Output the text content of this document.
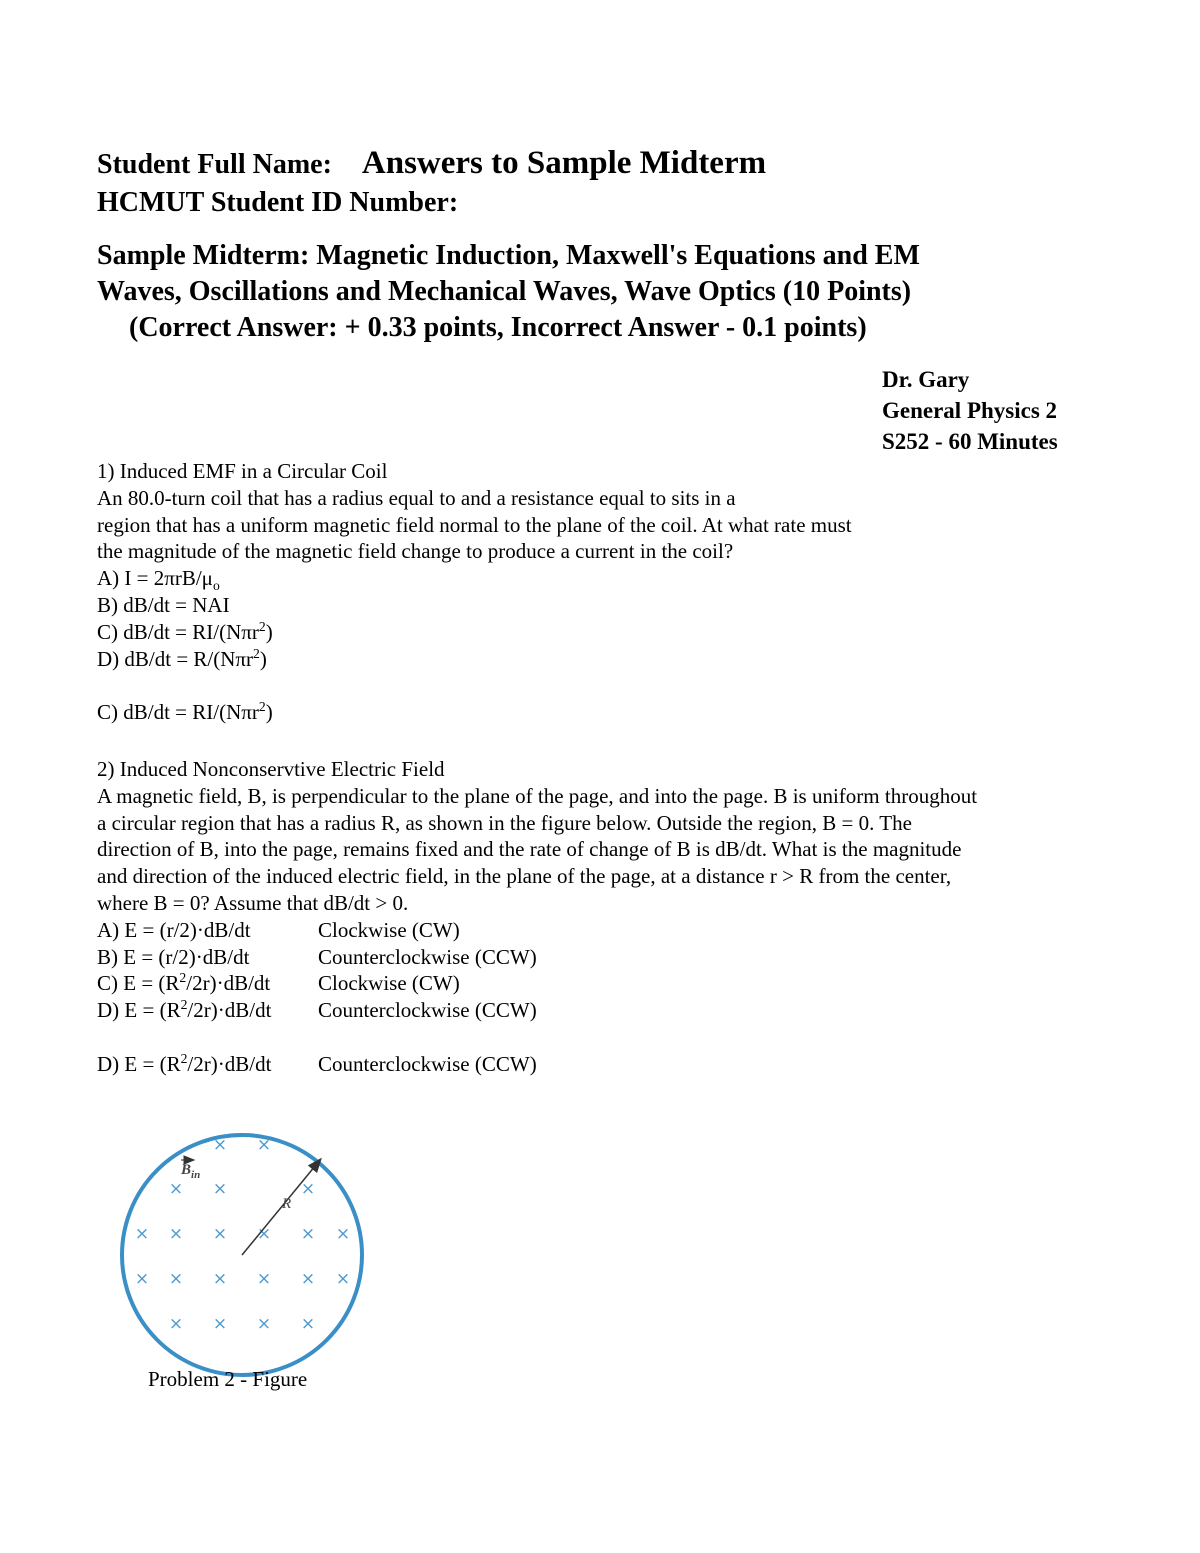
Student Full Name: Answers to Sample Midterm
HCMUT Student ID Number:
Sample Midterm: Magnetic Induction, Maxwell's Equations and EM
Waves, Oscillations and Mechanical Waves, Wave Optics (10 Points)
(Correct Answer: + 0.33 points, Incorrect Answer - 0.1 points)
Dr. Gary
General Physics 2
S252 - 60 Minutes
1) Induced EMF in a Circular Coil
An 80.0-turn coil that has a radius equal to and a resistance equal to sits in a
region that has a uniform magnetic field normal to the plane of the coil. At what rate must
the magnitude of the magnetic field change to produce a current in the coil?
A) $I = 2\pi rB/\mu_o$
B) dB/dt = NAI
C) dB/dt = RI/(Nπr$^2$)
D) dB/dt = R/(Nπr$^2$)
C) dB/dt = RI/(Nπr$^2$)
2) Induced Nonconservtive Electric Field
A magnetic field, B, is perpendicular to the plane of the page, and into the page. B is uniform throughout
a circular region that has a radius R, as shown in the figure below. Outside the region, B = 0. The
direction of B, into the page, remains fixed and the rate of change of B is dB/dt. What is the magnitude
and direction of the induced electric field, in the plane of the page, at a distance r > R from the center,
where B = 0? Assume that dB/dt > 0.
A) E = (r/2)·dB/dt	Clockwise (CW)
B) E = (r/2)·dB/dt	Counterclockwise (CCW)
C) $E = (R^2/2r)\cdot dB/dt$	Clockwise (CW)
D) $E = (R^2/2r)\cdot dB/dt$	Counterclockwise (CCW)
D) $E = (R^2/2r)\cdot dB/dt$	Counterclockwise (CCW)
× ×
× ×	×
× × × × × ×
× × × × × ×
× × × ×
$B_{in}$
R
Problem 2 - Figure
